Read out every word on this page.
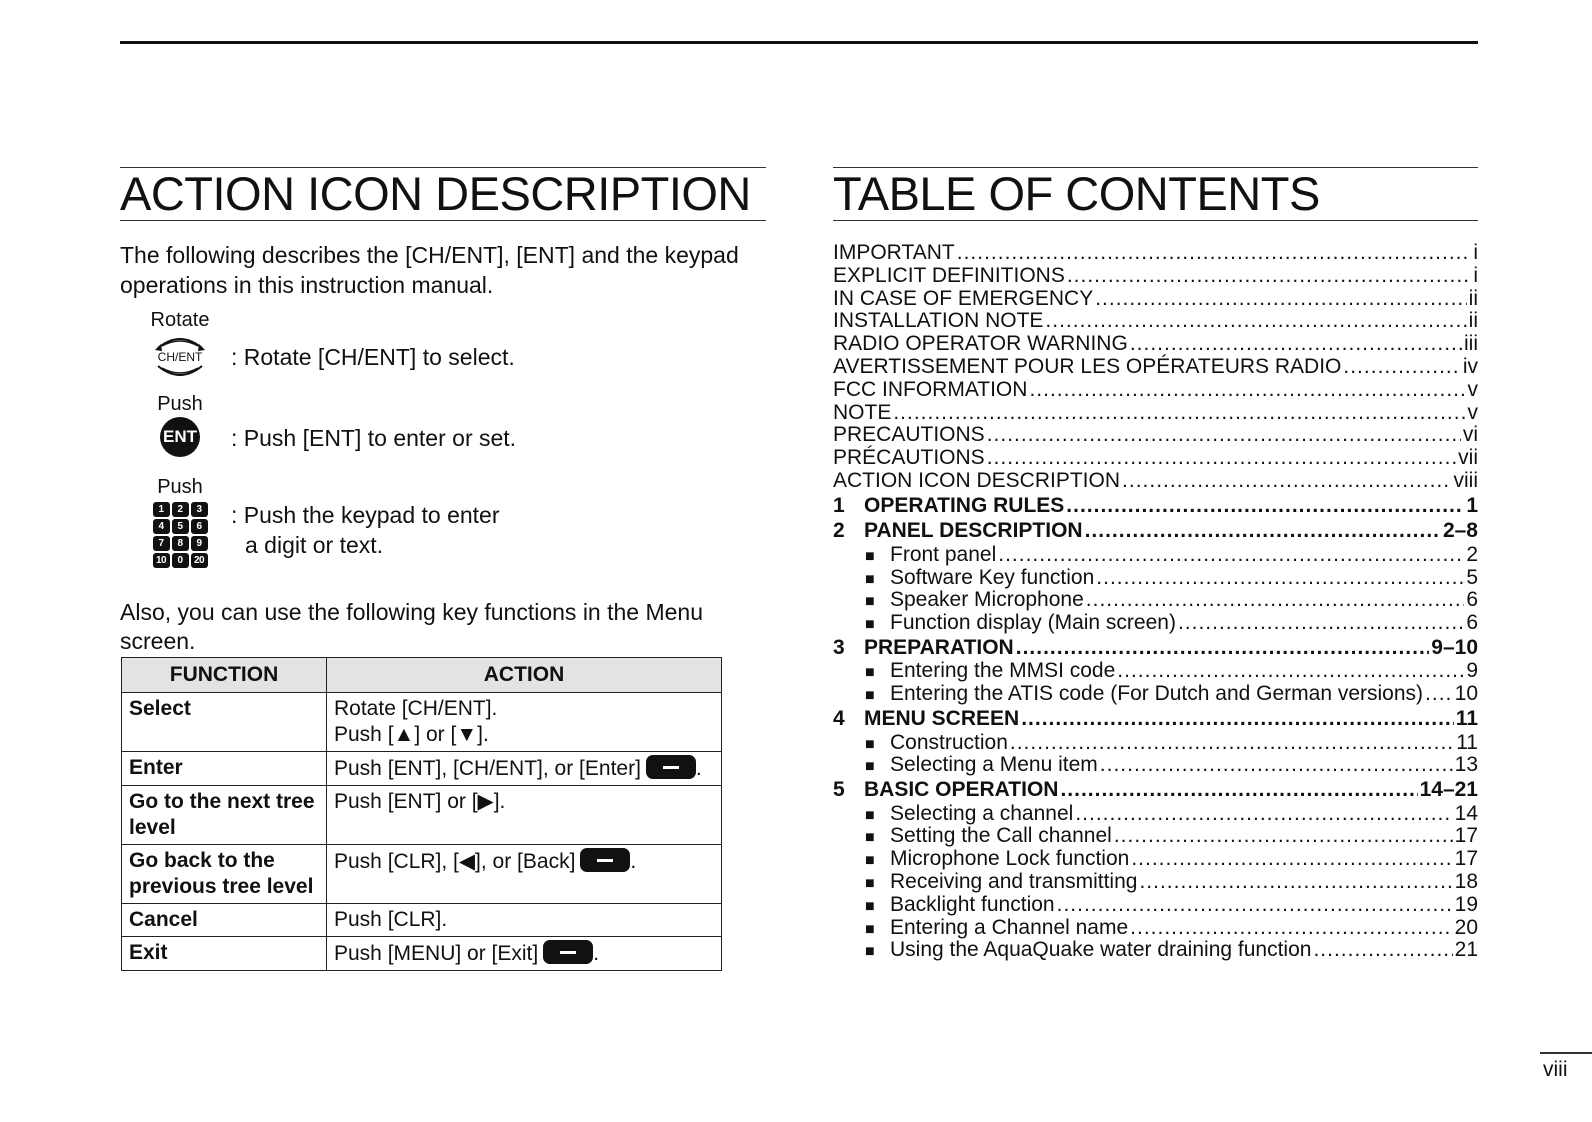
ACTION ICON DESCRIPTION
The following describes the [CH/ENT], [ENT] and the keypad operations in this instruction manual.
Rotate
CH/ENT : Rotate [CH/ENT] to select.
Push
ENT	: Push [ENT] to enter or set.
Push
1	2	3
4	5	6
7	8	9
10	0	20
: Push the keypad to enter
a digit or text.
Also, you can use the following key functions in the Menu screen.
FUNCTION	ACTION
Select	Rotate [CH/ENT].
Push [▲] or [▼].

Enter	Push [ENT], [CH/ENT], or [Enter] .
Go to the next tree level	Push [ENT] or [▶].
Go back to the previous tree level	Push [CLR], [◀], or [Back] .
Cancel	Push [CLR].
Exit	Push [MENU] or [Exit] .
TABLE OF CONTENTS
IMPORTANT .....	i
EXPLICIT DEFINITIONS .....	i
IN CASE OF EMERGENCY .....	ii
INSTALLATION NOTE .....	ii
RADIO OPERATOR WARNING .....	iii
AVERTISSEMENT POUR LES OPÉRATEURS RADIO .....	iv
FCC INFORMATION .....	v
NOTE .....	v
PRECAUTIONS .....	vi
PRÉCAUTIONS .....	vii
ACTION ICON DESCRIPTION .....	viii
1 OPERATING RULES .....	1
2 PANEL DESCRIPTION .....	2–8
■ Front panel .....	2
■ Software Key function .....	5
■ Speaker Microphone .....	6
■ Function display (Main screen) .....	6
3 PREPARATION .....	9–10
■ Entering the MMSI code .....	9
■ Entering the ATIS code (For Dutch and German versions) ..... 10
4 MENU SCREEN .....	11
■ Construction .....	11
■ Selecting a Menu item .....	13
5 BASIC OPERATION .....	14–21
■ Selecting a channel .....	14
■ Setting the Call channel .....	17
■ Microphone Lock function .....	17
■ Receiving and transmitting .....	18
■ Backlight function .....	19
■ Entering a Channel name .....	20
■ Using the AquaQuake water draining function .....	21
viii
